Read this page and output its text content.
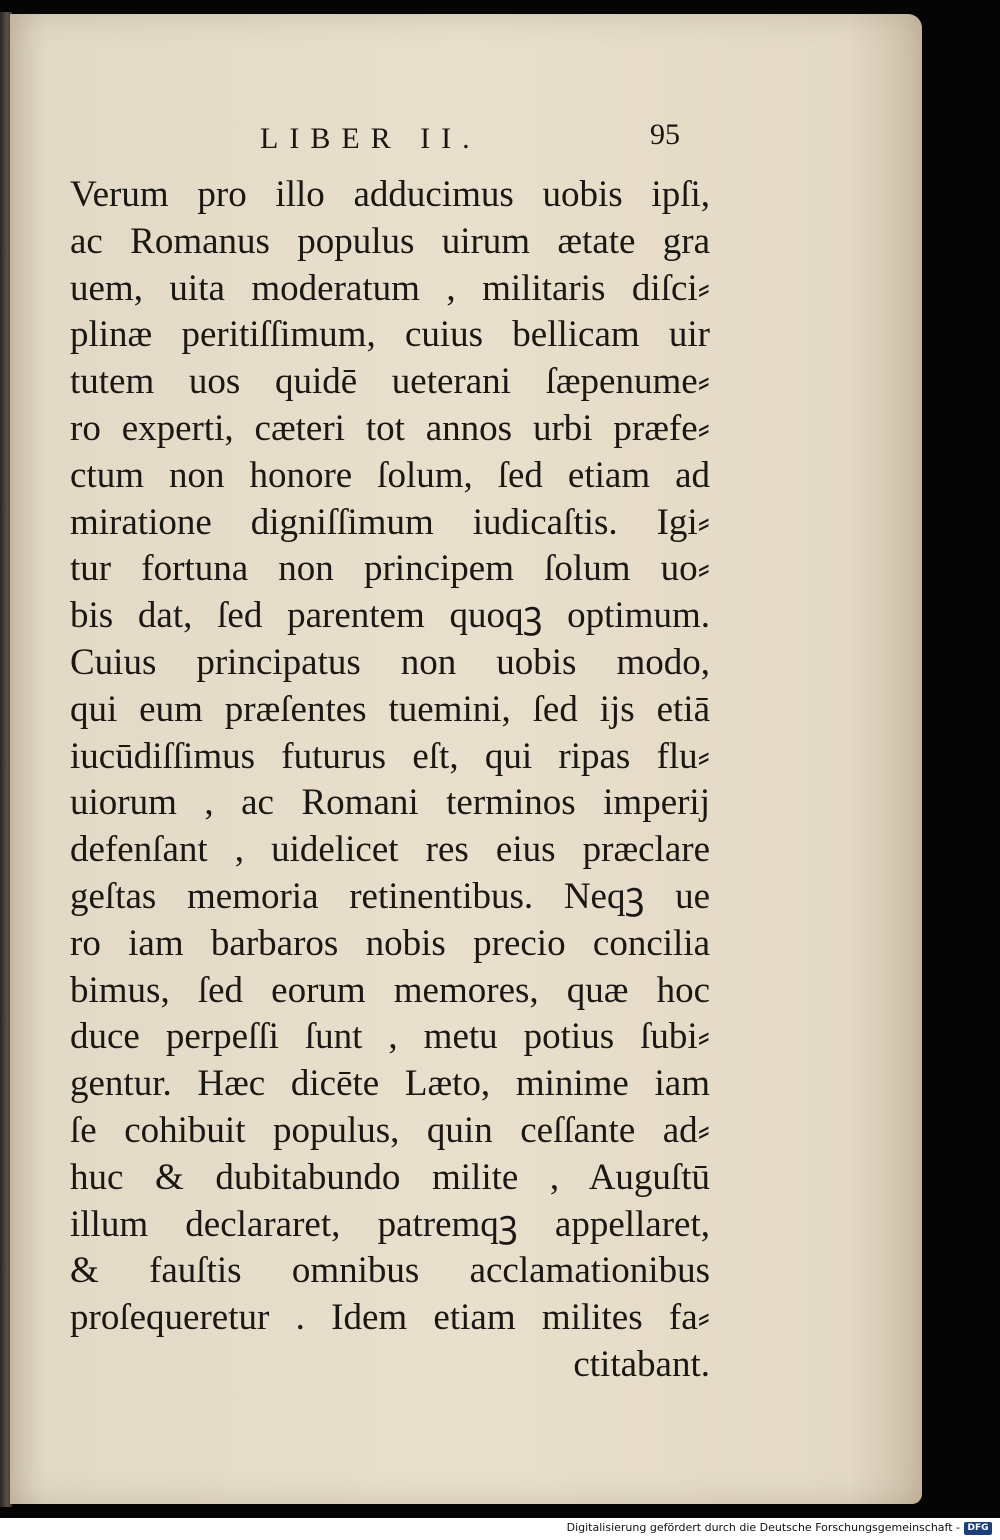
LIBER II.	95
Verum pro illo adducimus uobis ipſi,
ac Romanus populus uirum ætate gra
uem, uita moderatum , militaris diſci⸗
plinæ peritiſſimum, cuius bellicam uir
tutem uos quidē ueterani ſæpenume⸗
ro experti, cæteri tot annos urbi præfe⸗
ctum non honore ſolum, ſed etiam ad
miratione digniſſimum iudicaſtis. Igi⸗
tur fortuna non principem ſolum uo⸗
bis dat, ſed parentem quoqꝫ optimum.
Cuius principatus non uobis modo,
qui eum præſentes tuemini, ſed ijs etiā
iucūdiſſimus futurus eſt, qui ripas flu⸗
uiorum , ac Romani terminos imperij
defenſant , uidelicet res eius præclare
geſtas memoria retinentibus. Neqꝫ ue
ro iam barbaros nobis precio concilia
bimus, ſed eorum memores, quæ hoc
duce perpeſſi ſunt , metu potius ſubi⸗
gentur. Hæc dicēte Læto, minime iam
ſe cohibuit populus, quin ceſſante ad⸗
huc & dubitabundo milite , Auguſtū
illum declararet, patremqꝫ appellaret,
& fauſtis omnibus acclamationibus
proſequeretur . Idem etiam milites fa⸗
ctitabant.
Digitalisierung gefördert durch die Deutsche Forschungsgemeinschaft - DFG
